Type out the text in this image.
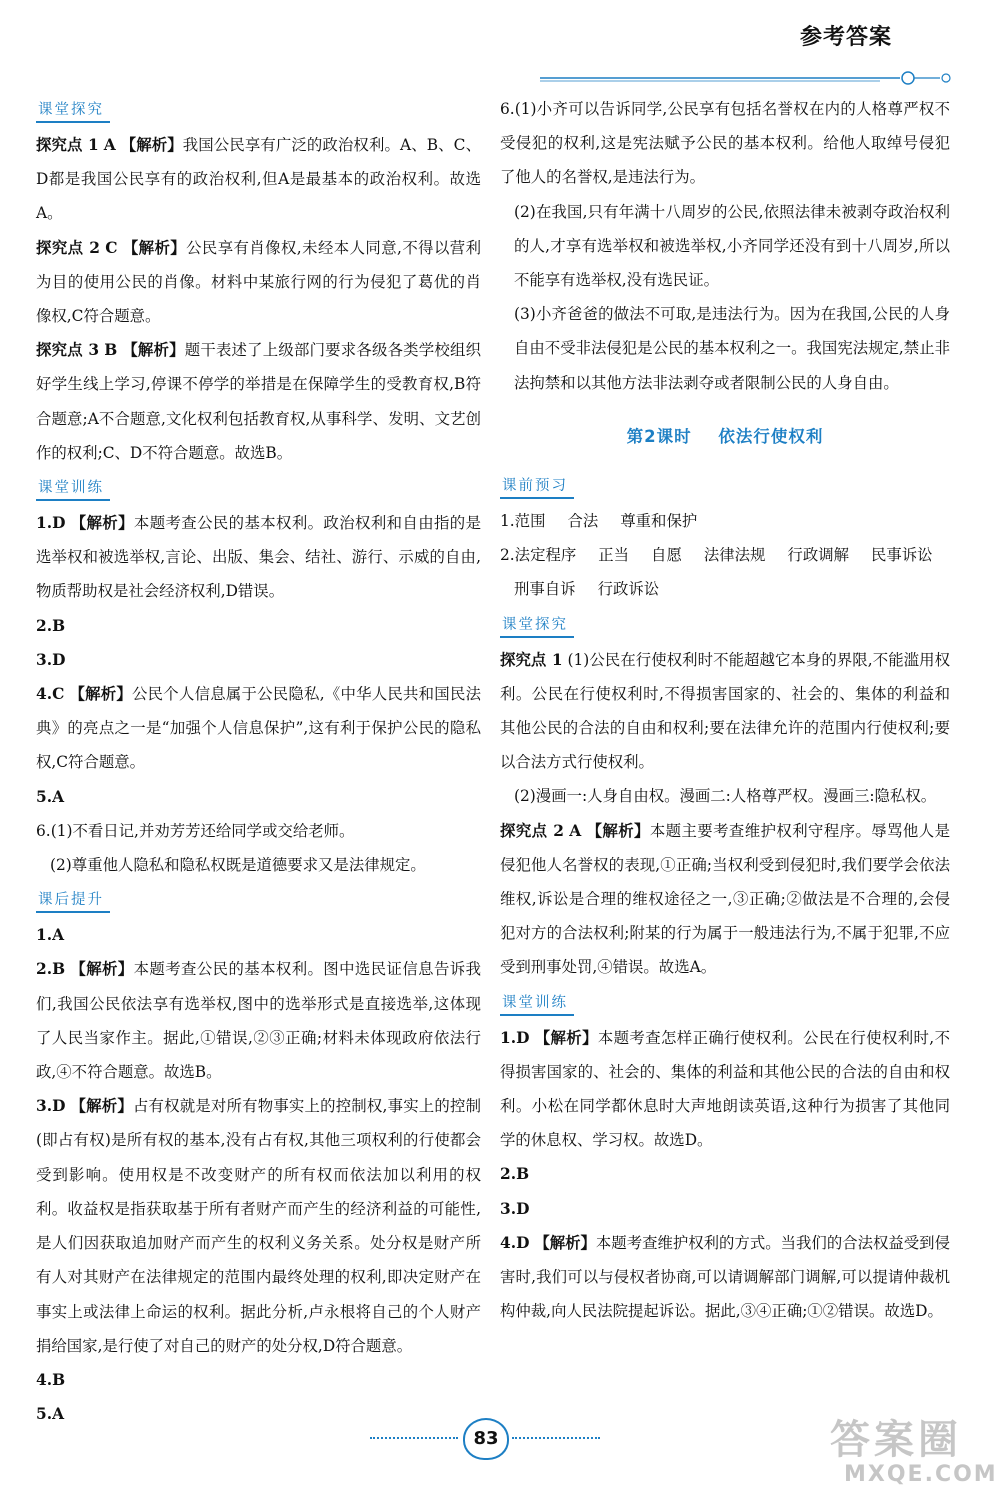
参考答案
课堂探究

探究点 1 A 【解析】我国公民享有广泛的政治权利。A、B、C、D都是我国公民享有的政治权利,但A是最基本的政治权利。故选A。

探究点 2 C 【解析】公民享有肖像权,未经本人同意,不得以营利为目的使用公民的肖像。材料中某旅行网的行为侵犯了葛优的肖像权,C符合题意。

探究点 3 B 【解析】题干表述了上级部门要求各级各类学校组织好学生线上学习,停课不停学的举措是在保障学生的受教育权,B符合题意;A不合题意,文化权利包括教育权,从事科学、发明、文艺创作的权利;C、D不符合题意。故选B。

课堂训练

1.D 【解析】本题考查公民的基本权利。政治权利和自由指的是选举权和被选举权,言论、出版、集会、结社、游行、示威的自由,物质帮助权是社会经济权利,D错误。

2.B

3.D

4.C 【解析】公民个人信息属于公民隐私,《中华人民共和国民法典》的亮点之一是“加强个人信息保护”,这有利于保护公民的隐私权,C符合题意。

5.A

6.(1)不看日记,并劝芳芳还给同学或交给老师。

(2)尊重他人隐私和隐私权既是道德要求又是法律规定。

课后提升

1.A

2.B 【解析】本题考查公民的基本权利。图中选民证信息告诉我们,我国公民依法享有选举权,图中的选举形式是直接选举,这体现了人民当家作主。据此,①错误,②③正确;材料未体现政府依法行政,④不符合题意。故选B。

3.D 【解析】占有权就是对所有物事实上的控制权,事实上的控制(即占有权)是所有权的基本,没有占有权,其他三项权利的行使都会受到影响。使用权是不改变财产的所有权而依法加以利用的权利。收益权是指获取基于所有者财产而产生的经济利益的可能性,是人们因获取追加财产而产生的权利义务关系。处分权是财产所有人对其财产在法律规定的范围内最终处理的权利,即决定财产在事实上或法律上命运的权利。据此分析,卢永根将自己的个人财产捐给国家,是行使了对自己的财产的处分权,D符合题意。

4.B

5.A

6.(1)小齐可以告诉同学,公民享有包括名誉权在内的人格尊严权不受侵犯的权利,这是宪法赋予公民的基本权利。给他人取绰号侵犯了他人的名誉权,是违法行为。

(2)在我国,只有年满十八周岁的公民,依照法律未被剥夺政治权利的人,才享有选举权和被选举权,小齐同学还没有到十八周岁,所以不能享有选举权,没有选民证。

(3)小齐爸爸的做法不可取,是违法行为。因为在我国,公民的人身自由不受非法侵犯是公民的基本权利之一。我国宪法规定,禁止非法拘禁和以其他方法非法剥夺或者限制公民的人身自由。

第2课时 依法行使权利
课前预习

1.范围 合法 尊重和保护

2.法定程序 正当 自愿 法律法规 行政调解 民事诉讼

刑事自诉 行政诉讼

课堂探究

探究点 1 (1)公民在行使权利时不能超越它本身的界限,不能滥用权利。公民在行使权利时,不得损害国家的、社会的、集体的利益和其他公民的合法的自由和权利;要在法律允许的范围内行使权利;要以合法方式行使权利。

(2)漫画一:人身自由权。漫画二:人格尊严权。漫画三:隐私权。

探究点 2 A 【解析】本题主要考查维护权利守程序。辱骂他人是侵犯他人名誉权的表现,①正确;当权利受到侵犯时,我们要学会依法维权,诉讼是合理的维权途径之一,③正确;②做法是不合理的,会侵犯对方的合法权利;附某的行为属于一般违法行为,不属于犯罪,不应受到刑事处罚,④错误。故选A。

课堂训练

1.D 【解析】本题考查怎样正确行使权利。公民在行使权利时,不得损害国家的、社会的、集体的利益和其他公民的合法的自由和权利。小松在同学都休息时大声地朗读英语,这种行为损害了其他同学的休息权、学习权。故选D。

2.B

3.D

4.D 【解析】本题考查维护权利的方式。当我们的合法权益受到侵害时,我们可以与侵权者协商,可以请调解部门调解,可以提请仲裁机构仲裁,向人民法院提起诉讼。据此,③④正确;①②错误。故选D。

83	答案圈
MXQE.COM
